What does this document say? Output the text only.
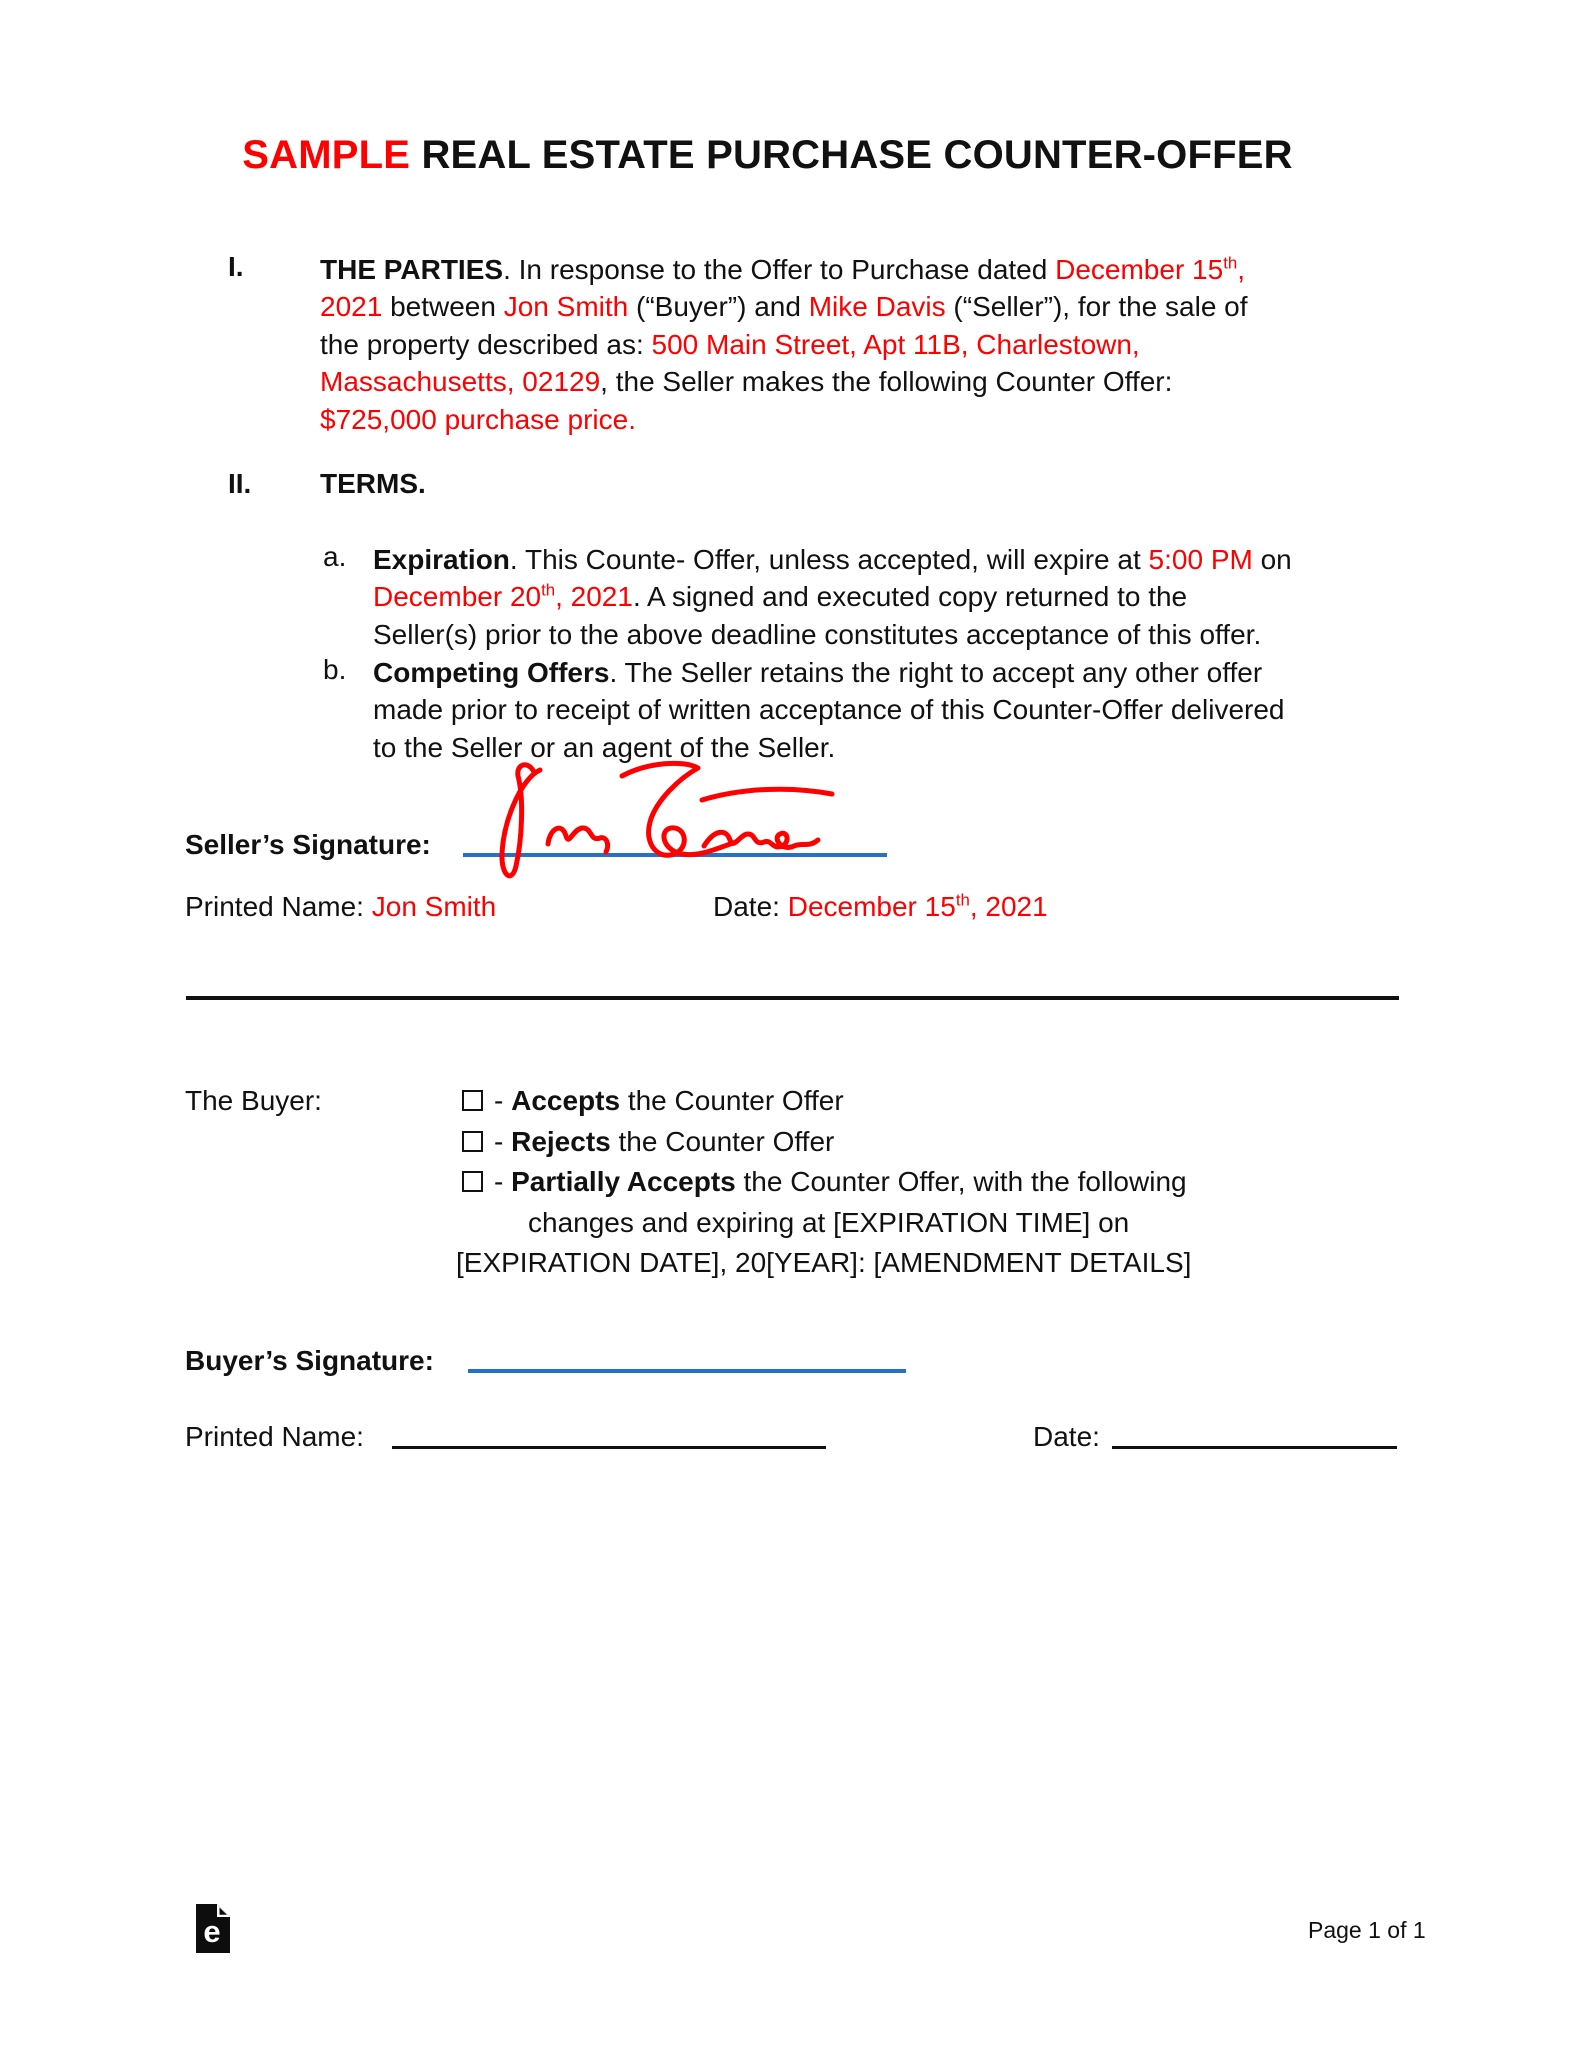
SAMPLE REAL ESTATE PURCHASE COUNTER-OFFER
I.	THE PARTIES. In response to the Offer to Purchase dated December 15th,
2021 between Jon Smith (“Buyer”) and Mike Davis (“Seller”), for the sale of
the property described as: 500 Main Street, Apt 11B, Charlestown,
Massachusetts, 02129, the Seller makes the following Counter Offer:
$725,000 purchase price.
II. TERMS.
a. Expiration. This Counte- Offer, unless accepted, will expire at 5:00 PM on
December 20th, 2021. A signed and executed copy returned to the
Seller(s) prior to the above deadline constitutes acceptance of this offer.
b. Competing Offers. The Seller retains the right to accept any other offer
made prior to receipt of written acceptance of this Counter-Offer delivered
to the Seller or an agent of the Seller.
Seller’s Signature:
Printed Name: Jon Smith	Date: December 15th, 2021
The Buyer:	- Accepts the Counter Offer
- Rejects the Counter Offer
- Partially Accepts the Counter Offer, with the following
changes and expiring at [EXPIRATION TIME] on
[EXPIRATION DATE], 20[YEAR]: [AMENDMENT DETAILS]
Buyer’s Signature:
Printed Name:	Date:
e	Page 1 of 1
